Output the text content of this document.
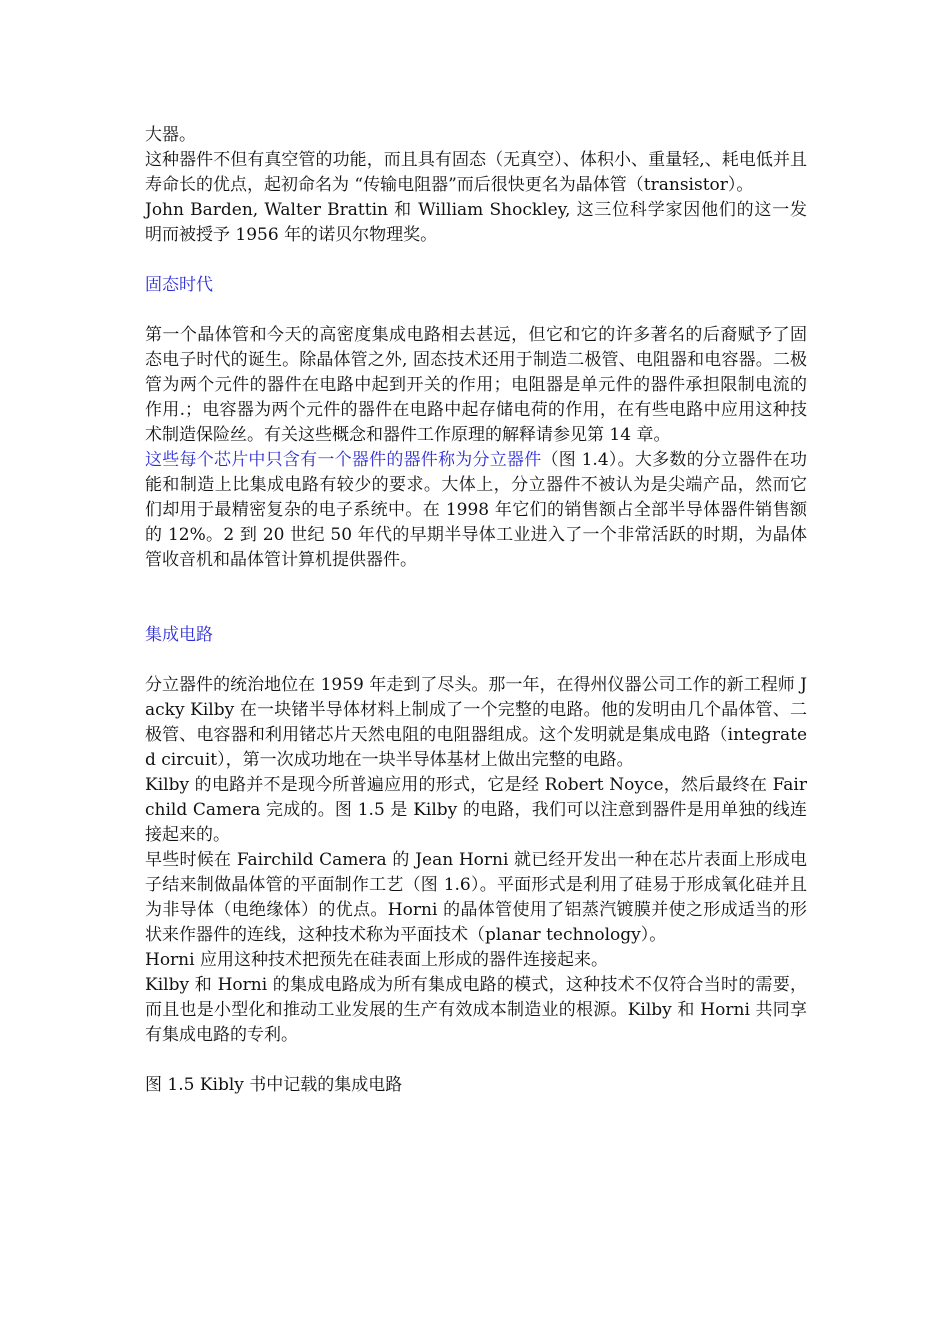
大器。

这种器件不但有真空管的功能，而且具有固态（无真空）、体积小、重量轻,、耗电低并且寿命长的优点，起初命名为 “传输电阻器”而后很快更名为晶体管（transistor）。

John Barden, Walter Brattin 和 William Shockley, 这三位科学家因他们的这一发明而被授予 1956 年的诺贝尔物理奖。

固态时代

第一个晶体管和今天的高密度集成电路相去甚远，但它和它的许多著名的后裔赋予了固态电子时代的诞生。除晶体管之外, 固态技术还用于制造二极管、电阻器和电容器。二极管为两个元件的器件在电路中起到开关的作用；电阻器是单元件的器件承担限制电流的作用.；电容器为两个元件的器件在电路中起存储电荷的作用，在有些电路中应用这种技术制造保险丝。有关这些概念和器件工作原理的解释请参见第 14 章。

这些每个芯片中只含有一个器件的器件称为分立器件（图 1.4）。大多数的分立器件在功能和制造上比集成电路有较少的要求。大体上，分立器件不被认为是尖端产品，然而它们却用于最精密复杂的电子系统中。在 1998 年它们的销售额占全部半导体器件销售额的 12%。2 到 20 世纪 50 年代的早期半导体工业进入了一个非常活跃的时期，为晶体管收音机和晶体管计算机提供器件。

集成电路

分立器件的统治地位在 1959 年走到了尽头。那一年，在得州仪器公司工作的新工程师 Jacky Kilby 在一块锗半导体材料上制成了一个完整的电路。他的发明由几个晶体管、二极管、电容器和利用锗芯片天然电阻的电阻器组成。这个发明就是集成电路（integrated circuit），第一次成功地在一块半导体基材上做出完整的电路。

Kilby 的电路并不是现今所普遍应用的形式，它是经 Robert Noyce，然后最终在 Fairchild Camera 完成的。图 1.5 是 Kilby 的电路，我们可以注意到器件是用单独的线连接起来的。

早些时候在 Fairchild Camera 的 Jean Horni 就已经开发出一种在芯片表面上形成电子结来制做晶体管的平面制作工艺（图 1.6）。平面形式是利用了硅易于形成氧化硅并且为非导体（电绝缘体）的优点。Horni 的晶体管使用了铝蒸汽镀膜并使之形成适当的形状来作器件的连线，这种技术称为平面技术（planar technology）。

Horni 应用这种技术把预先在硅表面上形成的器件连接起来。

Kilby 和 Horni 的集成电路成为所有集成电路的模式，这种技术不仅符合当时的需要，而且也是小型化和推动工业发展的生产有效成本制造业的根源。Kilby 和 Horni 共同享有集成电路的专利。

图 1.5 Kibly 书中记载的集成电路
